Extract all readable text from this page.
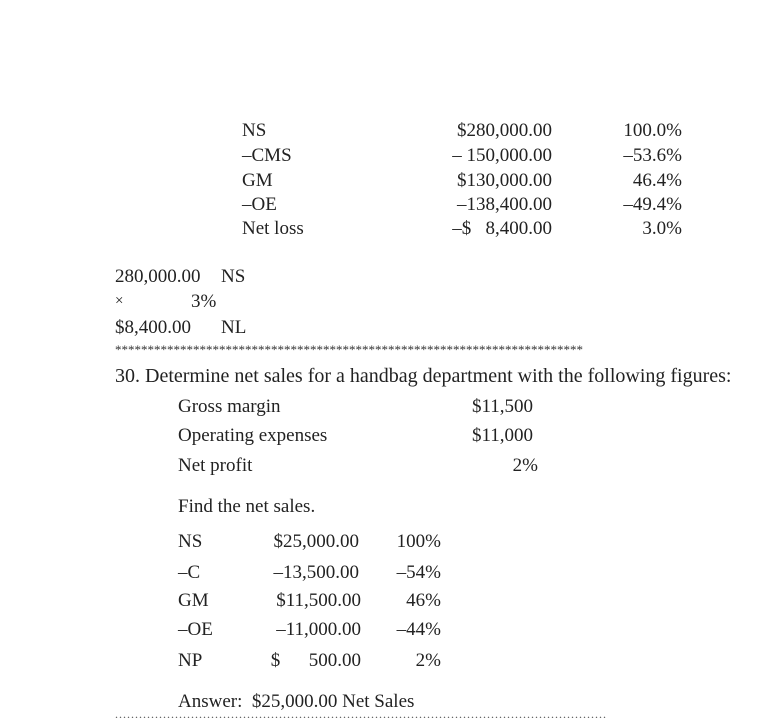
NS	$280,000.00	100.0%
–CMS	– 150,000.00	–53.6%
GM	$130,000.00	46.4%
–OE	–138,400.00	–49.4%
Net loss	–$   8,400.00	3.0%
280,000.00 NS
×	3%
$8,400.00 NL
************************************************************************
30. Determine net sales for a handbag department with the following figures:
Gross margin	$11,500
Operating expenses	$11,000
Net profit	2%
Find the net sales.
NS	$25,000.00 100%
–C	–13,500.00 –54%
GM	$11,500.00 46%
–OE	–11,000.00 –44%
NP	$      500.00	2%
Answer:  $25,000.00 Net Sales
...........................................................................................................................
